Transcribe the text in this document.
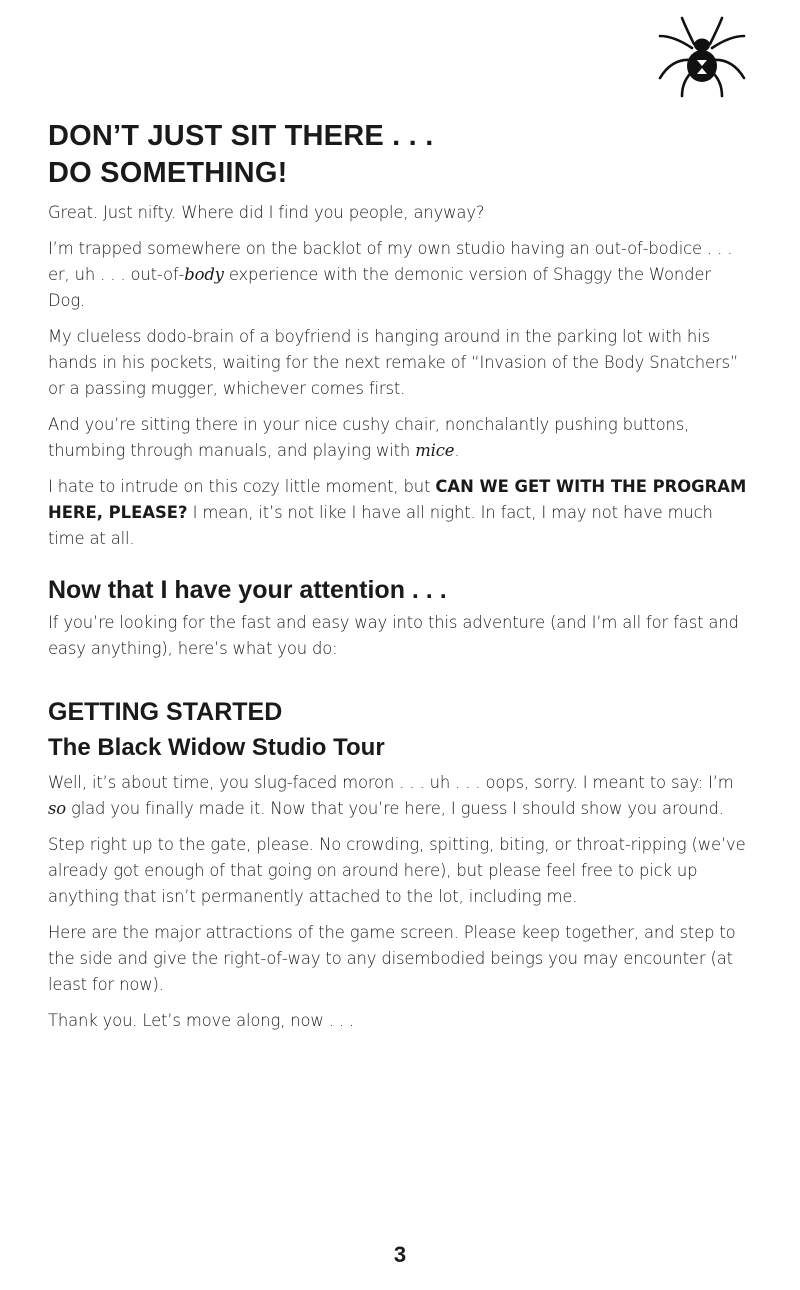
DON’T JUST SIT THERE . . .
DO SOMETHING!

Great. Just nifty. Where did I find you people, anyway?

I’m trapped somewhere on the backlot of my own studio having an out-of-bodice . . . er, uh . . . out-of-body experience with the demonic version of Shaggy the Wonder Dog.

My clueless dodo-brain of a boyfriend is hanging around in the parking lot with his hands in his pockets, waiting for the next remake of “Invasion of the Body Snatchers” or a passing mugger, whichever comes first.

And you’re sitting there in your nice cushy chair, nonchalantly pushing buttons, thumbing through manuals, and playing with mice.

I hate to intrude on this cozy little moment, but CAN WE GET WITH THE PROGRAM HERE, PLEASE? I mean, it’s not like I have all night. In fact, I may not have much time at all.

Now that I have your attention . . .

If you’re looking for the fast and easy way into this adventure (and I’m all for fast and easy anything), here’s what you do:

GETTING STARTED
The Black Widow Studio Tour

Well, it’s about time, you slug-faced moron . . . uh . . . oops, sorry. I meant to say: I’m so glad you finally made it. Now that you’re here, I guess I should show you around.

Step right up to the gate, please. No crowding, spitting, biting, or throat-ripping (we’ve already got enough of that going on around here), but please feel free to pick up anything that isn’t permanently attached to the lot, including me.

Here are the major attractions of the game screen. Please keep together, and step to the side and give the right-of-way to any disembodied beings you may encounter (at least for now).

Thank you. Let’s move along, now . . .

3
